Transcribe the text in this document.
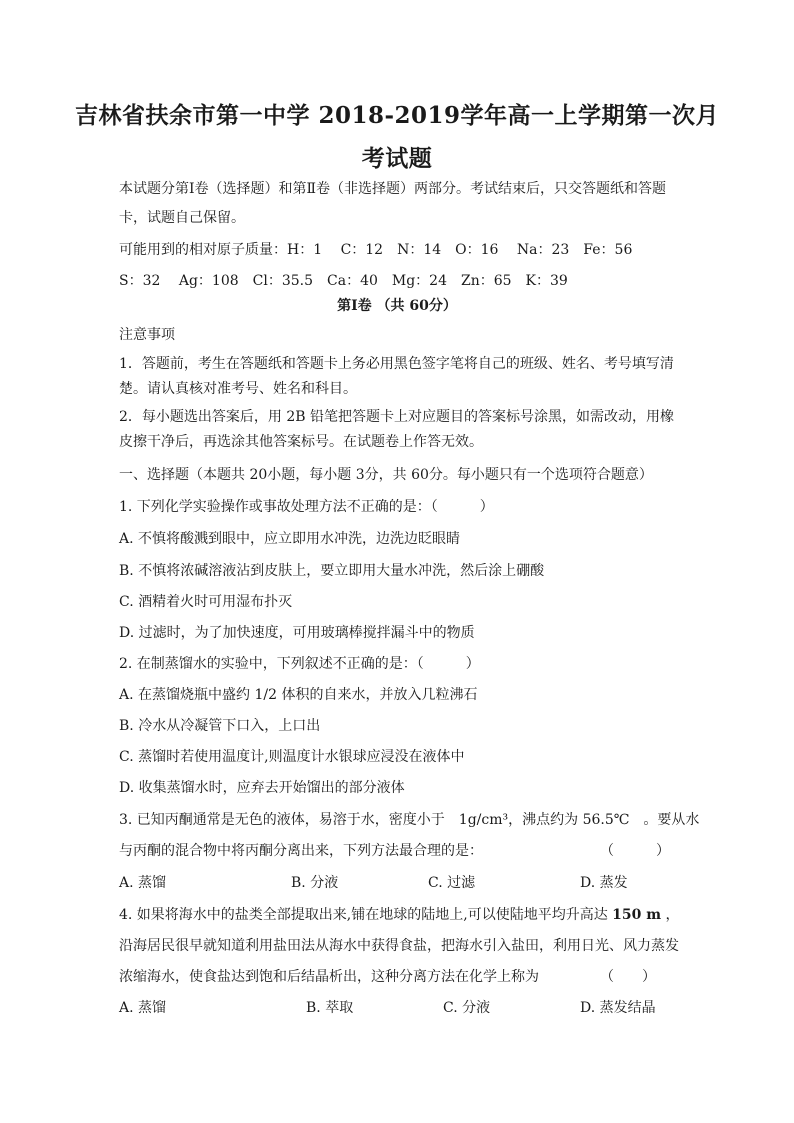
吉林省扶余市第一中学 2018-2019学年高一上学期第一次月
考试题
本试题分第Ⅰ卷（选择题）和第Ⅱ卷（非选择题）两部分。考试结束后，只交答题纸和答题
卡，试题自己保留。
可能用到的相对原子质量：H：1　 C：12　N：14　O：16　 Na：23　Fe：56
S：32　 Ag：108　Cl：35.5　Ca：40　Mg：24　Zn：65　K：39
第Ⅰ卷 （共 60分）
注意事项
1．答题前，考生在答题纸和答题卡上务必用黑色签字笔将自己的班级、姓名、考号填写清
楚。请认真核对准考号、姓名和科目。
2．每小题选出答案后，用 2B 铅笔把答题卡上对应题目的答案标号涂黑，如需改动，用橡
皮擦干净后，再选涂其他答案标号。在试题卷上作答无效。
一、选择题（本题共 20小题，每小题 3分，共 60分。每小题只有一个选项符合题意）
1. 下列化学实验操作或事故处理方法不正确的是：（　　　）
A. 不慎将酸溅到眼中，应立即用水冲洗，边洗边眨眼睛
B. 不慎将浓碱溶液沾到皮肤上，要立即用大量水冲洗，然后涂上硼酸
C. 酒精着火时可用湿布扑灭
D. 过滤时，为了加快速度，可用玻璃棒搅拌漏斗中的物质
2. 在制蒸馏水的实验中，下列叙述不正确的是：（　　　）
A. 在蒸馏烧瓶中盛约 1/2 体积的自来水，并放入几粒沸石
B. 冷水从冷凝管下口入，上口出
C. 蒸馏时若使用温度计,则温度计水银球应浸没在液体中
D. 收集蒸馏水时，应弃去开始馏出的部分液体
3. 已知丙酮通常是无色的液体，易溶于水，密度小于　1g/cm³，沸点约为 56.5℃　。要从水
与丙酮的混合物中将丙酮分离出来，下列方法最合理的是：	（　　　）
A. 蒸馏	B. 分液	C. 过滤	D. 蒸发
4. 如果将海水中的盐类全部提取出来,铺在地球的陆地上,可以使陆地平均升高达 150 m ，
沿海居民很早就知道利用盐田法从海水中获得食盐，把海水引入盐田，利用日光、风力蒸发
浓缩海水，使食盐达到饱和后结晶析出，这种分离方法在化学上称为	（　　）
A. 蒸馏	B. 萃取	C. 分液	D. 蒸发结晶
